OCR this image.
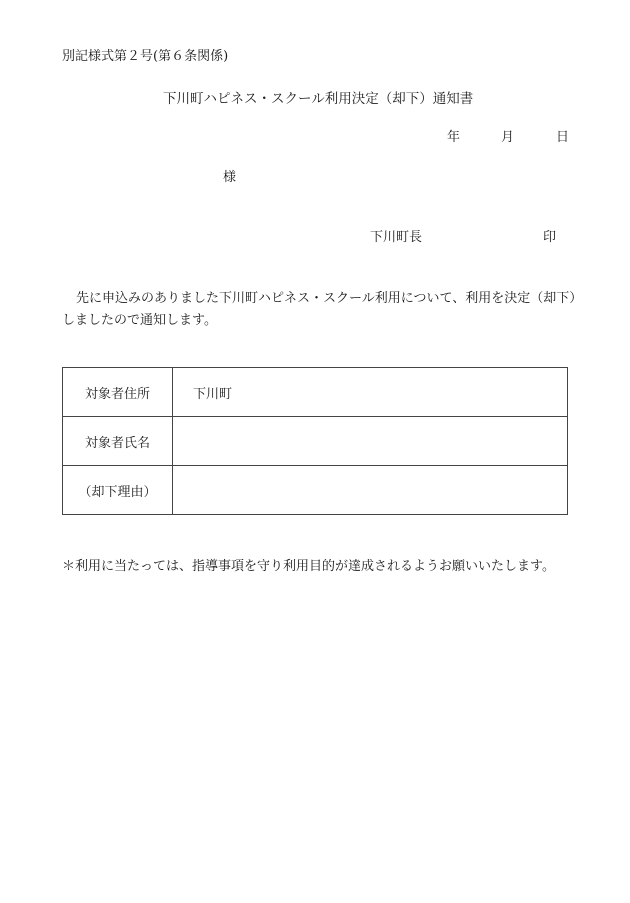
別記様式第２号(第６条関係)
下川町ハピネス・スクール利用決定（却下）通知書
年	月	日
様
下川町長	印
先に申込みのありました下川町ハピネス・スクール利用について、利用を決定（却下）しましたので通知します。
対象者住所	下川町
対象者氏名	
（却下理由）	
＊利用に当たっては、指導事項を守り利用目的が達成されるようお願いいたします。
